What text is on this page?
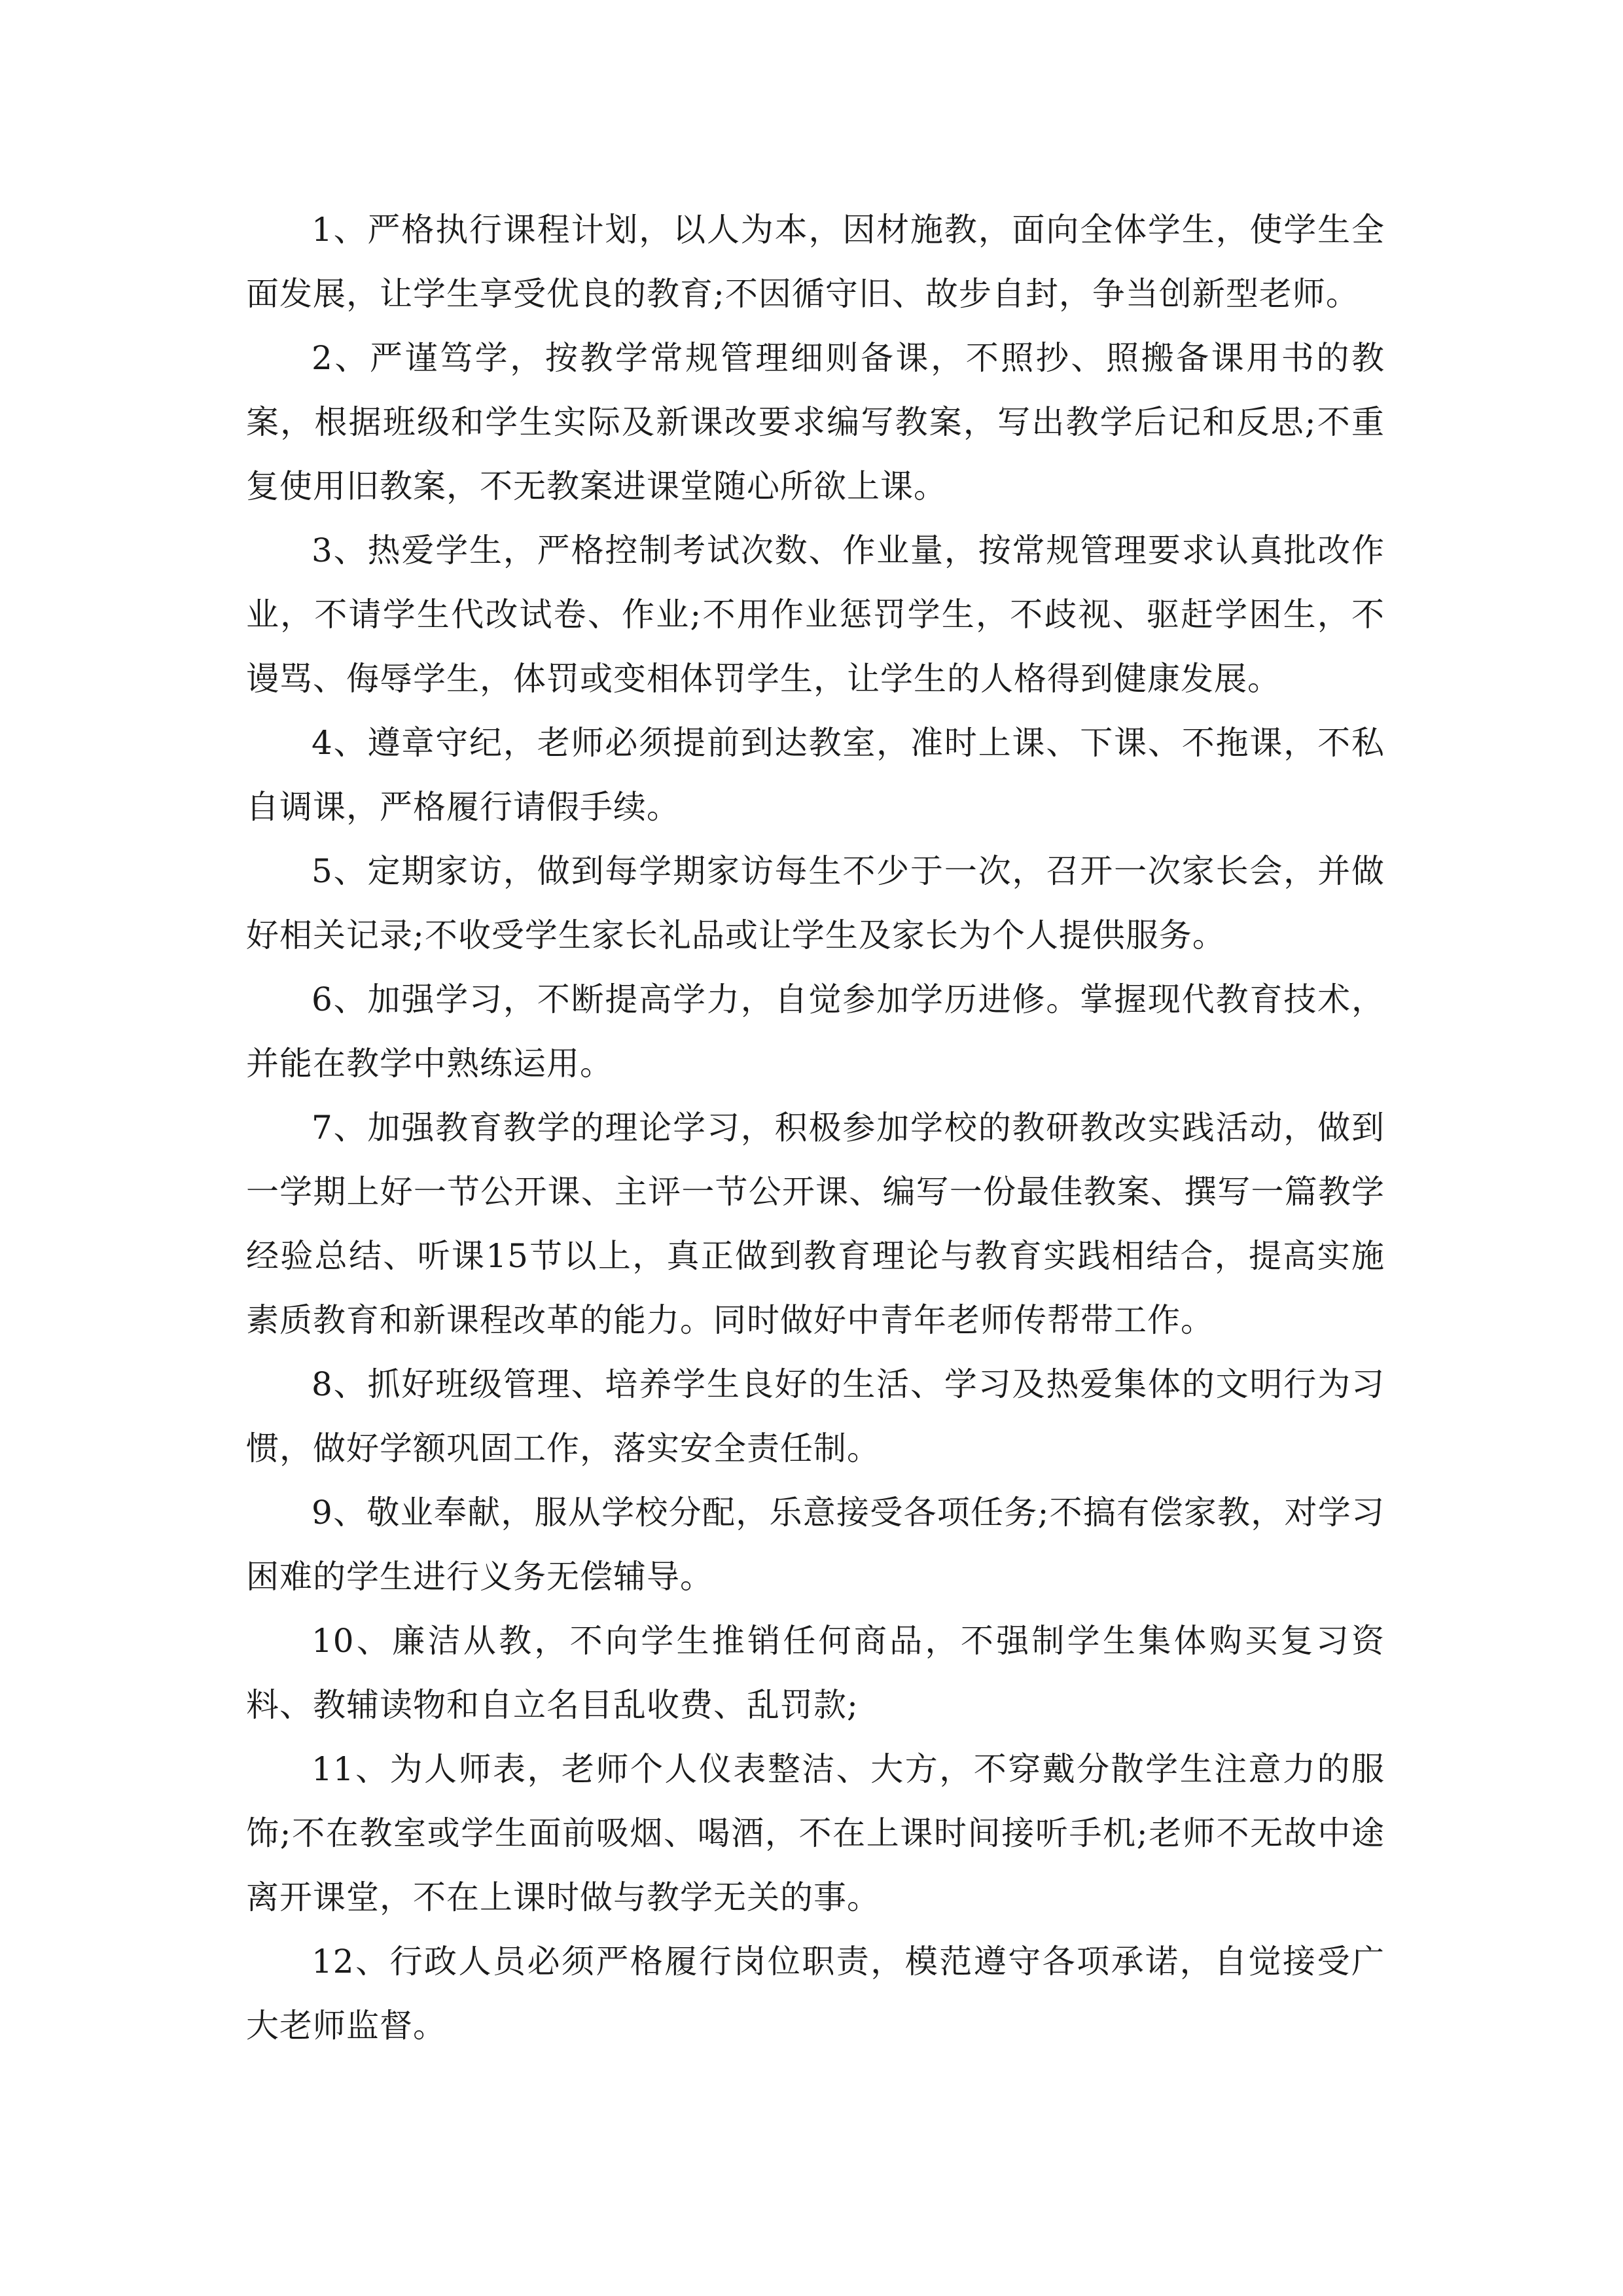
1、严格执行课程计划，以人为本，因材施教，面向全体学生，使学生全面发展，让学生享受优良的教育;不因循守旧、故步自封，争当创新型老师。

2、严谨笃学，按教学常规管理细则备课，不照抄、照搬备课用书的教案，根据班级和学生实际及新课改要求编写教案，写出教学后记和反思;不重复使用旧教案，不无教案进课堂随心所欲上课。

3、热爱学生，严格控制考试次数、作业量，按常规管理要求认真批改作业，不请学生代改试卷、作业;不用作业惩罚学生，不歧视、驱赶学困生，不谩骂、侮辱学生，体罚或变相体罚学生，让学生的人格得到健康发展。

4、遵章守纪，老师必须提前到达教室，准时上课、下课、不拖课，不私自调课，严格履行请假手续。

5、定期家访，做到每学期家访每生不少于一次，召开一次家长会，并做好相关记录;不收受学生家长礼品或让学生及家长为个人提供服务。

6、加强学习，不断提高学力，自觉参加学历进修。掌握现代教育技术，并能在教学中熟练运用。

7、加强教育教学的理论学习，积极参加学校的教研教改实践活动，做到一学期上好一节公开课、主评一节公开课、编写一份最佳教案、撰写一篇教学经验总结、听课15节以上，真正做到教育理论与教育实践相结合，提高实施素质教育和新课程改革的能力。同时做好中青年老师传帮带工作。

8、抓好班级管理、培养学生良好的生活、学习及热爱集体的文明行为习惯，做好学额巩固工作，落实安全责任制。

9、敬业奉献，服从学校分配，乐意接受各项任务;不搞有偿家教，对学习困难的学生进行义务无偿辅导。

10、廉洁从教，不向学生推销任何商品，不强制学生集体购买复习资料、教辅读物和自立名目乱收费、乱罚款;

11、为人师表，老师个人仪表整洁、大方，不穿戴分散学生注意力的服饰;不在教室或学生面前吸烟、喝酒，不在上课时间接听手机;老师不无故中途离开课堂，不在上课时做与教学无关的事。

12、行政人员必须严格履行岗位职责，模范遵守各项承诺，自觉接受广大老师监督。
